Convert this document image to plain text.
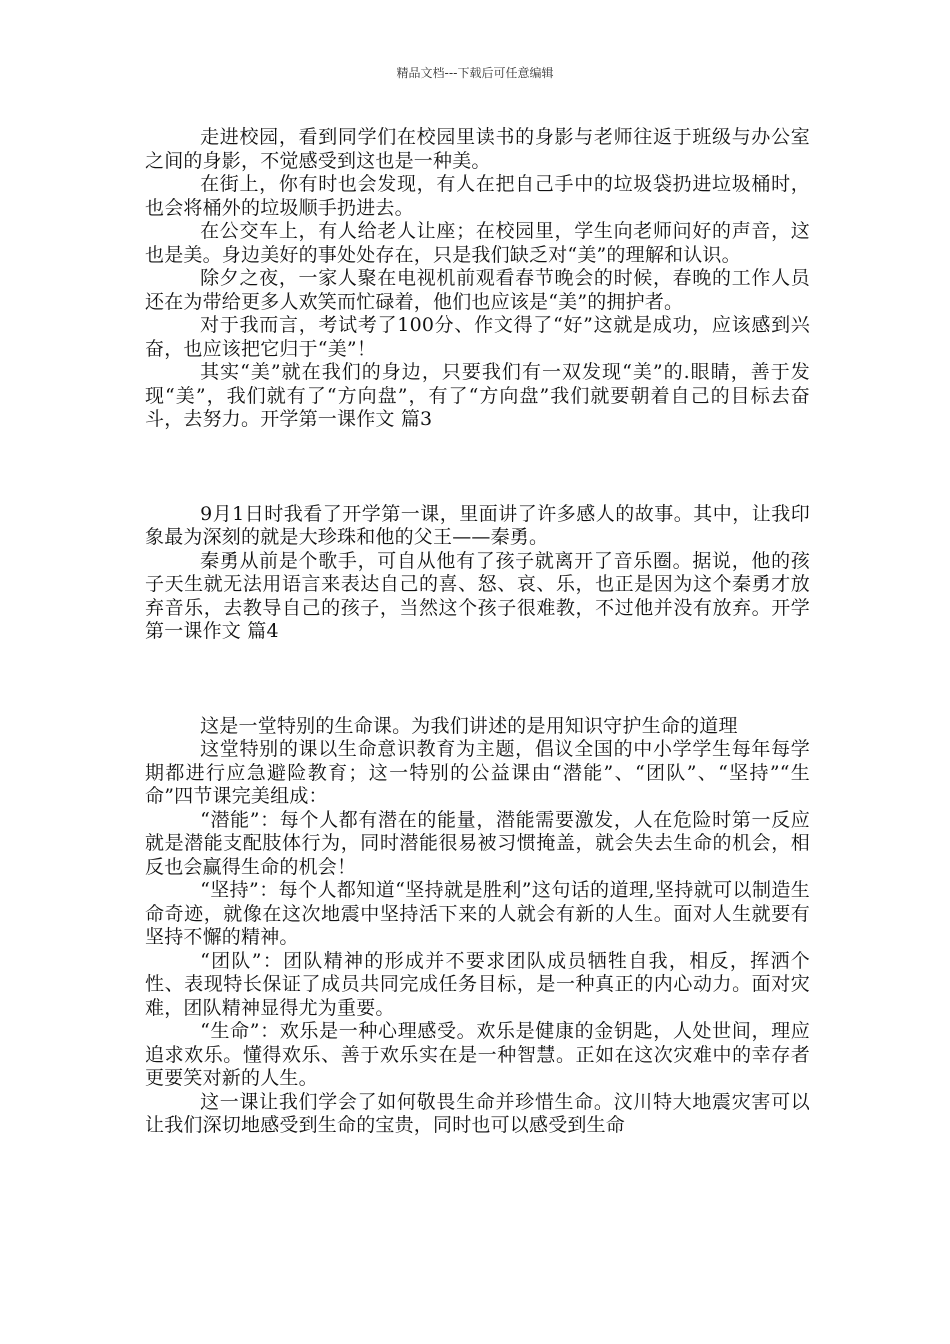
精品文档---下载后可任意编辑

走进校园，看到同学们在校园里读书的身影与老师往返于班级与办公室之间的身影，不觉感受到这也是一种美。

在街上，你有时也会发现，有人在把自己手中的垃圾袋扔进垃圾桶时，也会将桶外的垃圾顺手扔进去。

在公交车上，有人给老人让座；在校园里，学生向老师问好的声音，这也是美。身边美好的事处处存在，只是我们缺乏对“美”的理解和认识。

除夕之夜，一家人聚在电视机前观看春节晚会的时候，春晚的工作人员还在为带给更多人欢笑而忙碌着，他们也应该是“美”的拥护者。

对于我而言，考试考了100分、作文得了“好”这就是成功，应该感到兴奋，也应该把它归于“美”！

其实“美”就在我们的身边，只要我们有一双发现“美”的.眼睛，善于发现“美”，我们就有了“方向盘”，有了“方向盘”我们就要朝着自己的目标去奋斗，去努力。开学第一课作文 篇3

9月1日时我看了开学第一课，里面讲了许多感人的故事。其中，让我印象最为深刻的就是大珍珠和他的父王——秦勇。

秦勇从前是个歌手，可自从他有了孩子就离开了音乐圈。据说，他的孩子天生就无法用语言来表达自己的喜、怒、哀、乐，也正是因为这个秦勇才放弃音乐，去教导自己的孩子，当然这个孩子很难教，不过他并没有放弃。开学第一课作文 篇4

这是一堂特别的生命课。为我们讲述的是用知识守护生命的道理

这堂特别的课以生命意识教育为主题，倡议全国的中小学学生每年每学期都进行应急避险教育；这一特别的公益课由“潜能”、“团队”、“坚持”“生命”四节课完美组成：

“潜能”：每个人都有潜在的能量，潜能需要激发，人在危险时第一反应就是潜能支配肢体行为，同时潜能很易被习惯掩盖，就会失去生命的机会，相反也会赢得生命的机会！

“坚持”：每个人都知道“坚持就是胜利”这句话的道理,坚持就可以制造生命奇迹，就像在这次地震中坚持活下来的人就会有新的人生。面对人生就要有坚持不懈的精神。

“团队”：团队精神的形成并不要求团队成员牺牲自我，相反，挥洒个性、表现特长保证了成员共同完成任务目标，是一种真正的内心动力。面对灾难，团队精神显得尤为重要。

“生命”：欢乐是一种心理感受。欢乐是健康的金钥匙，人处世间，理应追求欢乐。懂得欢乐、善于欢乐实在是一种智慧。正如在这次灾难中的幸存者更要笑对新的人生。

这一课让我们学会了如何敬畏生命并珍惜生命。汶川特大地震灾害可以让我们深切地感受到生命的宝贵，同时也可以感受到生命
